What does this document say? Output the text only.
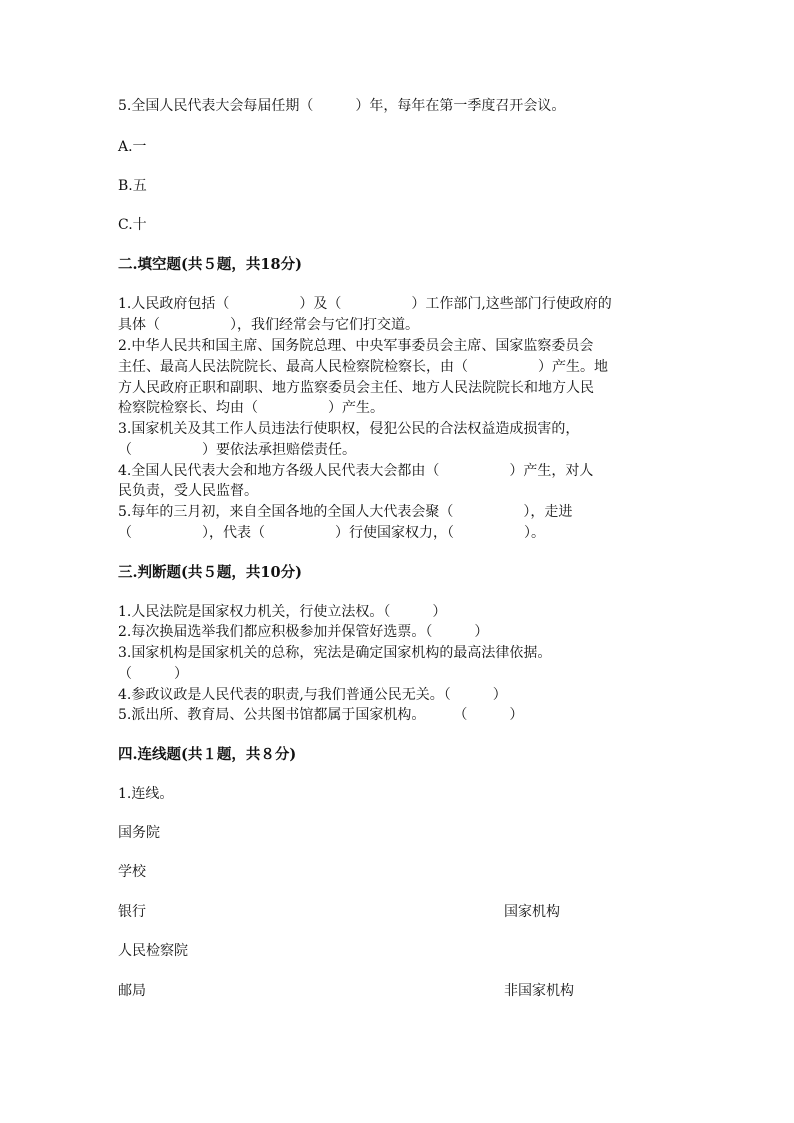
5.全国人民代表大会每届任期（　　　）年，每年在第一季度召开会议。
A.一
B.五
C.十
二.填空题(共５题，共18分)
1.人民政府包括（　　　　　）及（　　　　　）工作部门,这些部门行使政府的
具体（　　　　　），我们经常会与它们打交道。
2.中华人民共和国主席、国务院总理、中央军事委员会主席、国家监察委员会
主任、最高人民法院院长、最高人民检察院检察长，由（　　　　　）产生。地
方人民政府正职和副职、地方监察委员会主任、地方人民法院院长和地方人民
检察院检察长、均由（　　　　　）产生。
3.国家机关及其工作人员违法行使职权，侵犯公民的合法权益造成损害的，
（　　　　　）要依法承担赔偿责任。
4.全国人民代表大会和地方各级人民代表大会都由（　　　　　）产生，对人
民负责，受人民监督。
5.每年的三月初，来自全国各地的全国人大代表会聚（　　　　　），走进
（　　　　　），代表（　　　　　）行使国家权力，（　　　　　）。
三.判断题(共５题，共10分)
1.人民法院是国家权力机关，行使立法权。（　　　）
2.每次换届选举我们都应积极参加并保管好选票。（　　　）
3.国家机构是国家机关的总称，宪法是确定国家机构的最高法律依据。
（　　　）
4.参政议政是人民代表的职责,与我们普通公民无关。（　　　）
5.派出所、教育局、公共图书馆都属于国家机构。　　　（　　　）
四.连线题(共１题，共８分)
1.连线。
国务院
学校
银行
人民检察院
邮局
国家机构
非国家机构
